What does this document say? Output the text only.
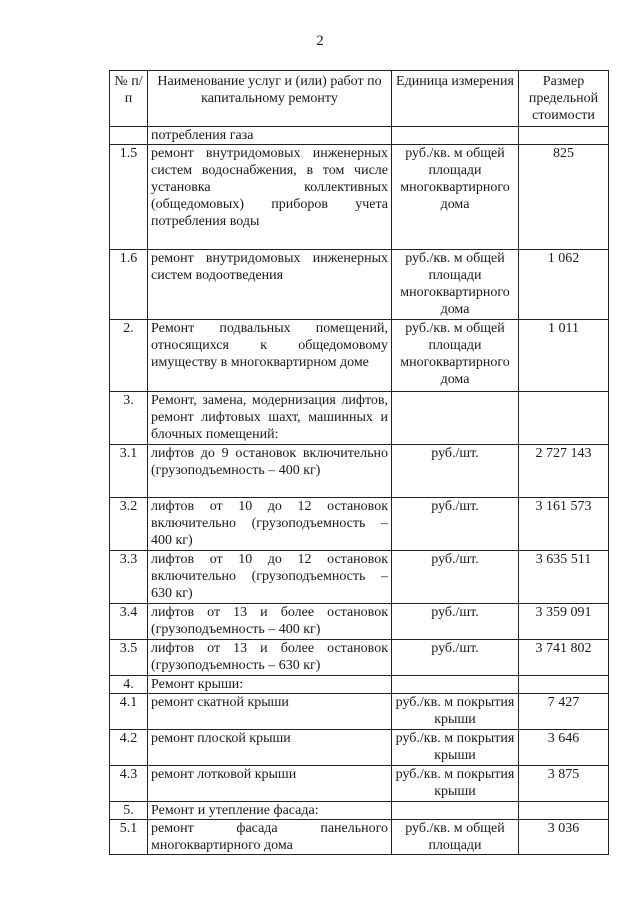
2
№ п/п	Наименование услуг и (или) работ по капитальному ремонту	Единица измерения	Размер предельной стоимости
	потребления газа		
1.5	ремонт внутридомовых инженерных систем водоснабжения, в том числе установка коллективных (общедомовых) приборов учета потребления воды	руб./кв. м общей площади многоквартирного дома	825
1.6	ремонт внутридомовых инженерных систем водоотведения	руб./кв. м общей площади многоквартирного дома	1 062
2.	Ремонт подвальных помещений, относящихся к общедомовому имуществу в многоквартирном доме	руб./кв. м общей площади многоквартирного дома	1 011
3.	Ремонт, замена, модернизация лифтов, ремонт лифтовых шахт, машинных и блочных помещений:		
3.1	лифтов до 9 остановок включительно (грузоподъемность – 400 кг)	руб./шт.	2 727 143
3.2	лифтов от 10 до 12 остановок включительно (грузоподъемность – 400 кг)	руб./шт.	3 161 573
3.3	лифтов от 10 до 12 остановок включительно (грузоподъемность – 630 кг)	руб./шт.	3 635 511
3.4	лифтов от 13 и более остановок (грузоподъемность – 400 кг)	руб./шт.	3 359 091
3.5	лифтов от 13 и более остановок (грузоподъемность – 630 кг)	руб./шт.	3 741 802
4.	Ремонт крыши:		
4.1	ремонт скатной крыши	руб./кв. м покрытия крыши	7 427
4.2	ремонт плоской крыши	руб./кв. м покрытия крыши	3 646
4.3	ремонт лотковой крыши	руб./кв. м покрытия крыши	3 875
5.	Ремонт и утепление фасада:		
5.1	ремонт фасада панельного многоквартирного дома	руб./кв. м общей площади	3 036
